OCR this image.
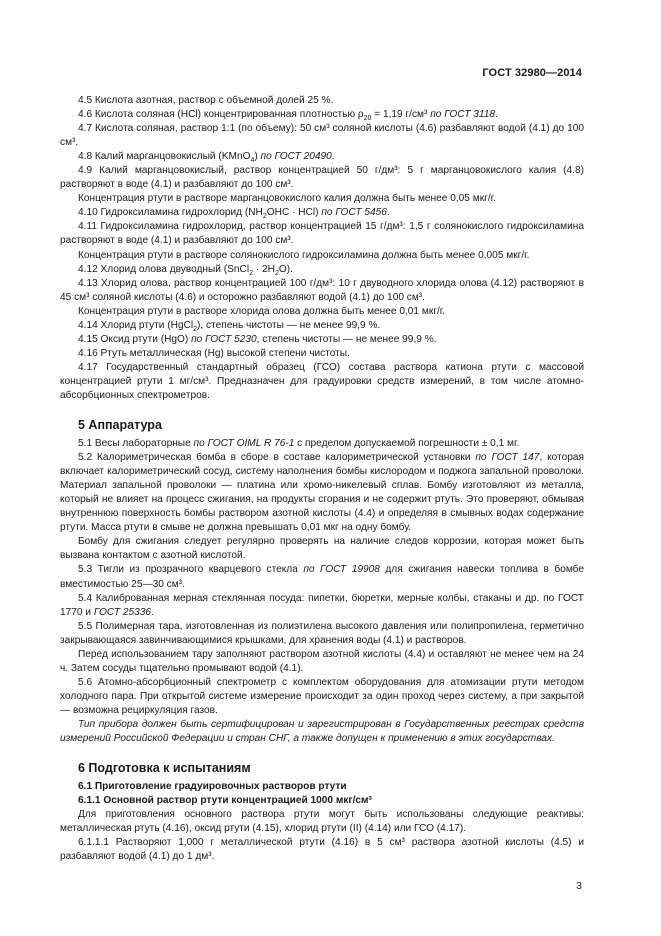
ГОСТ 32980—2014

4.5 Кислота азотная, раствор с объемной долей 25 %.

4.6 Кислота соляная (HCl) концентрированная плотностью $\rho_{20} = 1,19$ г/см³ по ГОСТ 3118.

4.7 Кислота соляная, раствор 1:1 (по объему): 50 см³ соляной кислоты (4.6) разбавляют водой (4.1) до 100 см³.

4.8 Калий марганцовокислый (KMnO$_4$) по ГОСТ 20490.

4.9 Калий марганцовокислый, раствор концентрацией 50 г/дм³: 5 г марганцовокислого калия (4.8) растворяют в воде (4.1) и разбавляют до 100 см³.

Концентрация ртути в растворе марганцовокислого калия должна быть менее 0,05 мкг/г.

4.10 Гидроксиламина гидрохлорид $(NH_2OHC \cdot HCl)$ по ГОСТ 5456.

4.11 Гидроксиламина гидрохлорид, раствор концентрацией 15 г/дм³: 1,5 г солянокислого гидроксиламина растворяют в воде (4.1) и разбавляют до 100 см³.

Концентрация ртути в растворе солянокислого гидроксиламина должна быть менее 0,005 мкг/г.

4.12 Хлорид олова двуводный (SnCl$_2$ · $2H_2O$).

4.13 Хлорид олова, раствор концентрацией 100 г/дм³: 10 г двуводного хлорида олова (4.12) растворяют в 45 см³ соляной кислоты (4.6) и осторожно разбавляют водой (4.1) до 100 см³.

Концентрация ртути в растворе хлорида олова должна быть менее 0,01 мкг/г.

4.14 Хлорид ртути (HgCl$_2$), степень чистоты — не менее 99,9 %.

4.15 Оксид ртути (HgO) по ГОСТ 5230, степень чистоты — не менее 99,9 %.

4.16 Ртуть металлическая (Hg) высокой степени чистоты.

4.17 Государственный стандартный образец (ГСО) состава раствора катиона ртути с массовой концентрацией ртути 1 мг/см³. Предназначен для градуировки средств измерений, в том числе атомно-абсорбционных спектрометров.

5 Аппаратура

5.1 Весы лабораторные по ГОСТ OIML R 76-1 с пределом допускаемой погрешности ± 0,1 мг.

5.2 Калориметрическая бомба в сборе в составе калориметрической установки по ГОСТ 147, которая включает калориметрический сосуд, систему наполнения бомбы кислородом и поджога запальной проволоки. Материал запальной проволоки — платина или хромо-никелевый сплав. Бомбу изготовляют из металла, который не влияет на процесс сжигания, на продукты сгорания и не содержит ртуть. Это проверяют, обмывая внутреннюю поверхность бомбы раствором азотной кислоты (4.4) и определяя в смывных водах содержание ртути. Масса ртути в смыве не должна превышать 0,01 мкг на одну бомбу.

Бомбу для сжигания следует регулярно проверять на наличие следов коррозии, которая может быть вызвана контактом с азотной кислотой.

5.3 Тигли из прозрачного кварцевого стекла по ГОСТ 19908 для сжигания навески топлива в бомбе вместимостью 25—30 см³.

5.4 Калиброванная мерная стеклянная посуда: пипетки, бюретки, мерные колбы, стаканы и др. по ГОСТ 1770 и ГОСТ 25336.

5.5 Полимерная тара, изготовленная из полиэтилена высокого давления или полипропилена, герметично закрывающаяся завинчивающимися крышками, для хранения воды (4.1) и растворов.

Перед использованием тару заполняют раствором азотной кислоты (4.4) и оставляют не менее чем на 24 ч. Затем сосуды тщательно промывают водой (4.1).

5.6 Атомно-абсорбционный спектрометр с комплектом оборудования для атомизации ртути методом холодного пара. При открытой системе измерение происходит за один проход через систему, а при закрытой — возможна рециркуляция газов.

Тип прибора должен быть сертифицирован и зарегистрирован в Государственных реестрах средств измерений Российской Федерации и стран СНГ, а также допущен к применению в этих государствах.

6 Подготовка к испытаниям

6.1 Приготовление градуировочных растворов ртути

6.1.1 Основной раствор ртути концентрацией 1000 мкг/см³

Для приготовления основного раствора ртути могут быть использованы следующие реактивы: металлическая ртуть (4.16), оксид ртути (4.15), хлорид ртути (II) (4.14) или ГСО (4.17).

6.1.1.1 Растворяют 1,000 г металлической ртути (4.16) в 5 см³ раствора азотной кислоты (4.5) и разбавляют водой (4.1) до 1 дм³.

3
